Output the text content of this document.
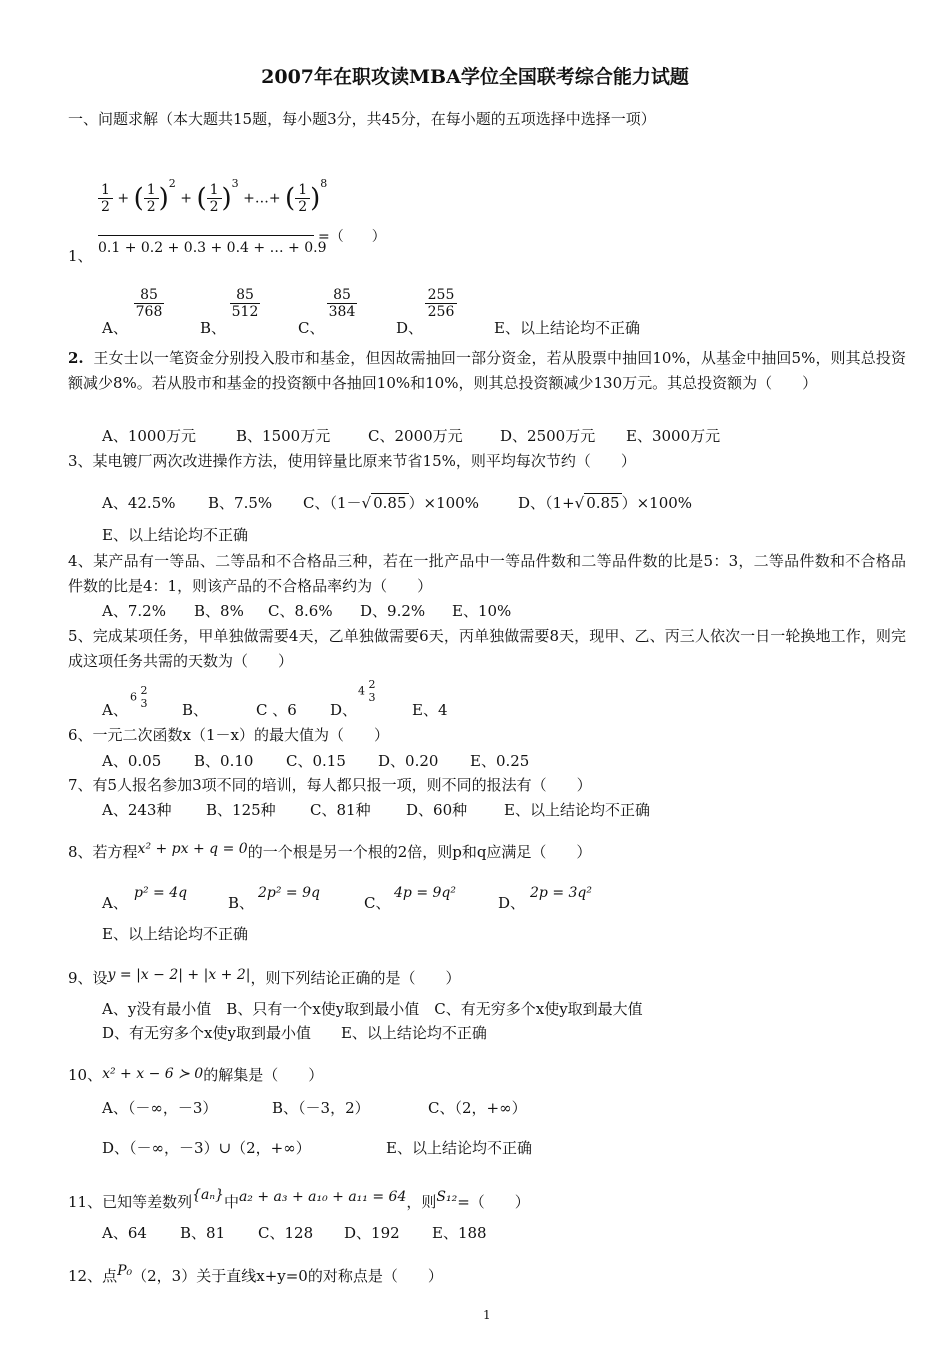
2007年在职攻读MBA学位全国联考综合能力试题
一、问题求解（本大题共15题，每小题3分，共45分，在每小题的五项选择中选择一项）
$\frac{1}{2}$ + ( $\frac{1}{2} )^2$ + ( $\frac{1}{2} )^3$ +…+ ( $\frac{1}{2} )^8$
0.1 + 0.2 + 0.3 + 0.4 + … + 0.9
=（　　）
1、
A、
85
768
B、
85
512
C、
85
384
D、
255
256
E、以上结论均不正确
2. 王女士以一笔资金分别投入股市和基金，但因故需抽回一部分资金，若从股票中抽回10%，从基金中抽回5%，则其总投资额减少8%。若从股市和基金的投资额中各抽回10%和10%，则其总投资额减少130万元。其总投资额为（　　）
A、1000万元	B、1500万元	C、2000万元 D、2500万元 E、3000万元
3、某电镀厂两次改进操作方法，使用锌量比原来节省15%，则平均每次节约（　　）
A、42.5% B、7.5% C、（1－√ 0.85 ）×100%	D、（1+√ 0.85 ）×100%
E、以上结论均不正确
4、某产品有一等品、二等品和不合格品三种，若在一批产品中一等品件数和二等品件数的比是5：3，二等品件数和不合格品件数的比是4：1，则该产品的不合格品率约为（　　）
A、7.2% B、8% C、8.6% D、9.2% E、10%
5、完成某项任务，甲单独做需要4天，乙单独做需要6天，丙单独做需要8天，现甲、乙、丙三人依次一日一轮换地工作，则完成这项任务共需的天数为（　　）
A、
6 2
3 B、	C 、6 D、
4 2
3
E、4
6、一元二次函数x（1－x）的最大值为（　　）
A、0.05 B、0.10 C、0.15 D、0.20 E、0.25
7、有5人报名参加3项不同的培训，每人都只报一项，则不同的报法有（　　）
A、243种 B、125种 C、81种 D、60种 E、以上结论均不正确
8、若方程x² + px + q = 0的一个根是另一个根的2倍，则p和q应满足（　　）
A、
p² = 4q
B、
2p² = 9q
C、
4p = 9q²
D、
2p = 3q²
E、以上结论均不正确
9、设y = |x − 2| + |x + 2|，则下列结论正确的是（　　）
A、y没有最小值　B、只有一个x使y取到最小值　C、有无穷多个x使y取到最大值
D、有无穷多个x使y取到最小值　　E、以上结论均不正确
10、x² + x − 6 ≻ 0的解集是（　　）
A、（－∞，－3）	B、（－3，2）	C、（2，+∞）
D、（－∞，－3）∪（2，+∞）	E、以上结论均不正确
11、已知等差数列{aₙ}中a₂ + a₃ + a₁₀ + a₁₁ = 64，则S₁₂=（　　）
A、64 B、81 C、128 D、192 E、188
12、点P₀（2，3）关于直线x+y=0的对称点是（　　）
1
